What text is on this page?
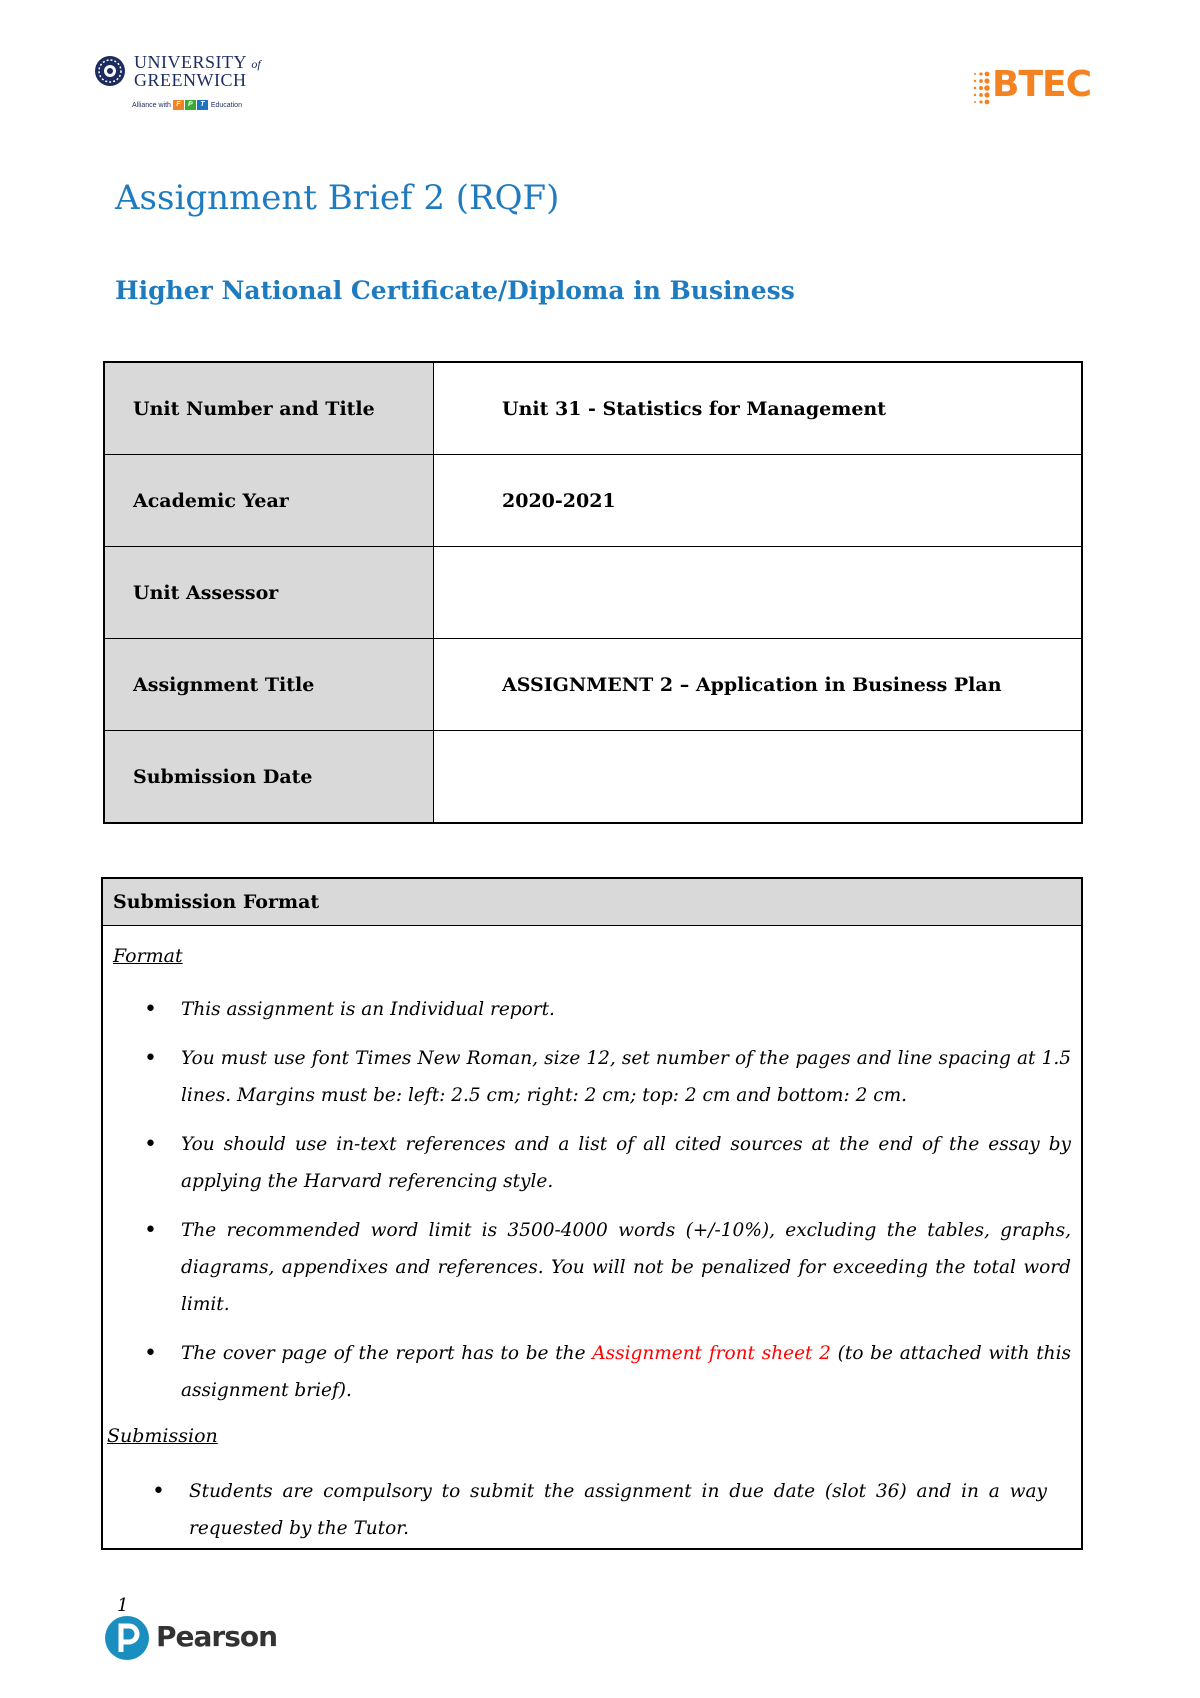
UNIVERSITY of
GREENWICH
Alliance with F P T Education
BTEC
Assignment Brief 2 (RQF)
Higher National Certificate/Diploma in Business
Unit Number and Title	Unit 31 - Statistics for Management
Academic Year	2020-2021
Unit Assessor	
Assignment Title	ASSIGNMENT 2 – Application in Business Plan
Submission Date	
Submission Format
Format
• This assignment is an Individual report.
• You must use font Times New Roman, size 12, set number of the pages and line spacing at 1.5 lines. Margins must be: left: 2.5 cm; right: 2 cm; top: 2 cm and bottom: 2 cm.
• You should use in-text references and a list of all cited sources at the end of the essay by applying the Harvard referencing style.
• The recommended word limit is 3500-4000 words (+/-10%), excluding the tables, graphs, diagrams, appendixes and references. You will not be penalized for exceeding the total word limit.
• The cover page of the report has to be the Assignment front sheet 2 (to be attached with this assignment brief).
Submission
• Students are compulsory to submit the assignment in due date (slot 36) and in a way requested by the Tutor.
1
Pearson
